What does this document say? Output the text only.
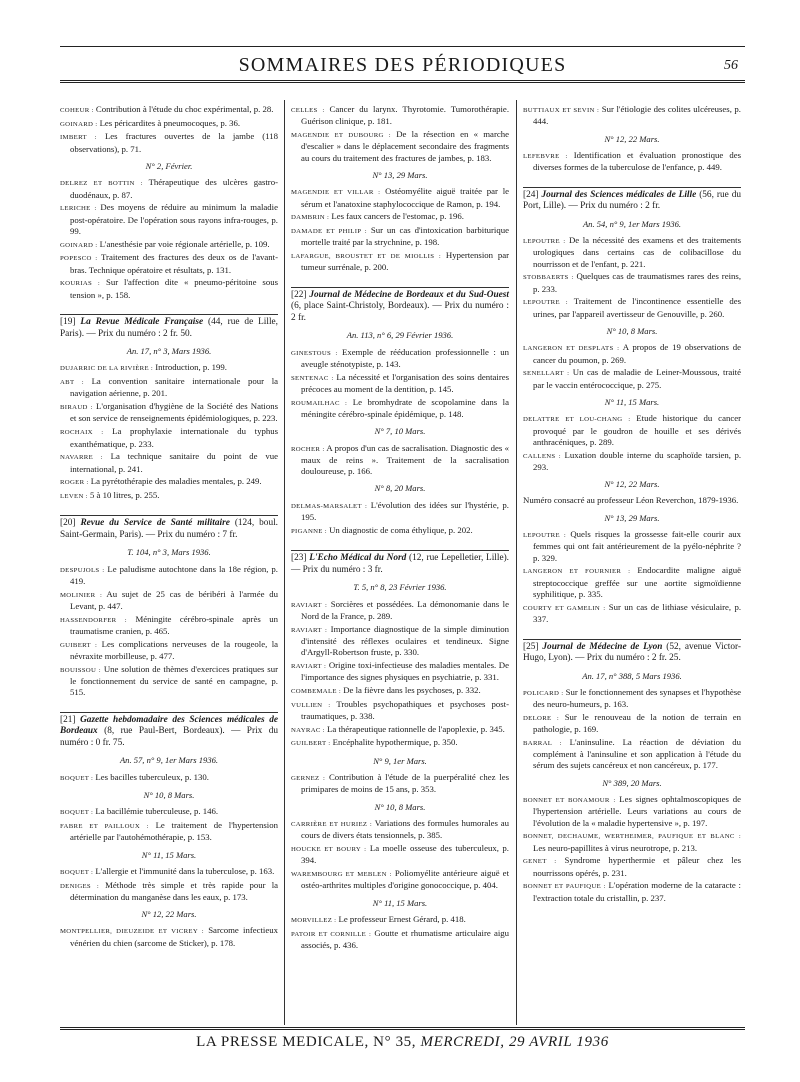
SOMMAIRES DES PÉRIODIQUES	56

COHEUR : Contribution à l'étude du choc expérimental, p. 28.

GOINARD : Les péricardites à pneumocoques, p. 36.

IMBERT : Les fractures ouvertes de la jambe (118 observations), p. 71.

N° 2, Février.

DELREZ ET BOTTIN : Thérapeutique des ulcères gastro-duodénaux, p. 87.

LERICHE : Des moyens de réduire au minimum la maladie post-opératoire. De l'opération sous rayons infra-rouges, p. 99.

GOINARD : L'anesthésie par voie régionale artérielle, p. 109.

POPESCO : Traitement des fractures des deux os de l'avant-bras. Technique opératoire et résultats, p. 131.

KOURIAS : Sur l'affection dite « pneumo-péritoine sous tension », p. 158.

[19] La Revue Médicale Française (44, rue de Lille, Paris). — Prix du numéro : 2 fr. 50.
An. 17, n° 3, Mars 1936.

DUJARRIC DE LA RIVIÈRE : Introduction, p. 199.

ABT : La convention sanitaire internationale pour la navigation aérienne, p. 201.

BIRAUD : L'organisation d'hygiène de la Société des Nations et son service de renseignements épidémiologiques, p. 223.

ROCHAIX : La prophylaxie internationale du typhus exanthématique, p. 233.

NAVARRE : La technique sanitaire du point de vue international, p. 241.

ROGER : La pyrétothérapie des maladies mentales, p. 249.

LEVEN : 5 à 10 litres, p. 255.

[20] Revue du Service de Santé militaire (124, boul. Saint-Germain, Paris). — Prix du numéro : 7 fr.
T. 104, n° 3, Mars 1936.

DESPUJOLS : Le paludisme autochtone dans la 18e région, p. 419.

MOLINIER : Au sujet de 25 cas de béribéri à l'armée du Levant, p. 447.

HASSENDORFER : Méningite cérébro-spinale après un traumatisme cranien, p. 465.

GUIBERT : Les complications nerveuses de la rougeole, la névraxite morbilleuse, p. 477.

BOUISSOU : Une solution de thèmes d'exercices pratiques sur le fonctionnement du service de santé en campagne, p. 515.

[21] Gazette hebdomadaire des Sciences médicales de Bordeaux (8, rue Paul-Bert, Bordeaux). — Prix du numéro : 0 fr. 75.
An. 57, n° 9, 1er Mars 1936.

BOQUET : Les bacilles tuberculeux, p. 130.

N° 10, 8 Mars.

BOQUET : La bacillémie tuberculeuse, p. 146.

FABRE ET PAILLOUX : Le traitement de l'hypertension artérielle par l'autohémothérapie, p. 153.

N° 11, 15 Mars.

BOQUET : L'allergie et l'immunité dans la tuberculose, p. 163.

DENIGES : Méthode très simple et très rapide pour la détermination du manganèse dans les eaux, p. 173.

N° 12, 22 Mars.

MONTPELLIER, DIEUZEIDE ET VICREY : Sarcome infectieux vénérien du chien (sarcome de Sticker), p. 178.

CELLES : Cancer du larynx. Thyrotomie. Tumorothérapie. Guérison clinique, p. 181.

MAGENDIE ET DUBOURG : De la résection en « marche d'escalier » dans le déplacement secondaire des fragments au cours du traitement des fractures de jambes, p. 183.

N° 13, 29 Mars.

MAGENDIE ET VILLAR : Ostéomyélite aiguë traitée par le sérum et l'anatoxine staphylococcique de Ramon, p. 194.

DAMBRIN : Les faux cancers de l'estomac, p. 196.

DAMADE ET PHILIP : Sur un cas d'intoxication barbiturique mortelle traité par la strychnine, p. 198.

LAFARGUE, BROUSTET ET DE MIOLLIS : Hypertension par tumeur surrénale, p. 200.

[22] Journal de Médecine de Bordeaux et du Sud-Ouest (6, place Saint-Christoly, Bordeaux). — Prix du numéro : 2 fr.
An. 113, n° 6, 29 Février 1936.

GINESTOUS : Exemple de rééducation professionnelle : un aveugle sténotypiste, p. 143.

SENTENAC : La nécessité et l'organisation des soins dentaires précoces au moment de la dentition, p. 145.

ROUMAILHAC : Le bromhydrate de scopolamine dans la méningite cérébro-spinale épidémique, p. 148.

N° 7, 10 Mars.

ROCHER : A propos d'un cas de sacralisation. Diagnostic des « maux de reins ». Traitement de la sacralisation douloureuse, p. 166.

N° 8, 20 Mars.

DELMAS-MARSALET : L'évolution des idées sur l'hystérie, p. 195.

PIGANNE : Un diagnostic de coma éthylique, p. 202.

[23] L'Echo Médical du Nord (12, rue Lepelletier, Lille). — Prix du numéro : 3 fr.
T. 5, n° 8, 23 Février 1936.

RAVIART : Sorcières et possédées. La démonomanie dans le Nord de la France, p. 289.

RAVIART : Importance diagnostique de la simple diminution d'intensité des réflexes oculaires et tendineux. Signe d'Argyll-Robertson fruste, p. 330.

RAVIART : Origine toxi-infectieuse des maladies mentales. De l'importance des signes physiques en psychiatrie, p. 331.

COMBEMALE : De la fièvre dans les psychoses, p. 332.

VULLIEN : Troubles psychopathiques et psychoses post-traumatiques, p. 338.

NAYRAC : La thérapeutique rationnelle de l'apoplexie, p. 345.

GUILBERT : Encéphalite hypothermique, p. 350.

N° 9, 1er Mars.

GERNEZ : Contribution à l'étude de la puerpéralité chez les primipares de moins de 15 ans, p. 353.

N° 10, 8 Mars.

CARRIÈRE ET HURIEZ : Variations des formules humorales au cours de divers états tensionnels, p. 385.

HOUCKE ET BOURY : La moelle osseuse des tuberculeux, p. 394.

WAREMBOURG ET MEBLEN : Poliomyélite antérieure aiguë et ostéo-arthrites multiples d'origine gonococcique, p. 404.

N° 11, 15 Mars.

MORVILLEZ : Le professeur Ernest Gérard, p. 418.

PATOIR ET CORNILLE : Goutte et rhumatisme articulaire aigu associés, p. 436.

BUTTIAUX ET SEVIN : Sur l'étiologie des colites ulcéreuses, p. 444.

N° 12, 22 Mars.

LEFEBVRE : Identification et évaluation pronostique des diverses formes de la tuberculose de l'enfance, p. 449.

[24] Journal des Sciences médicales de Lille (56, rue du Port, Lille). — Prix du numéro : 2 fr.
An. 54, n° 9, 1er Mars 1936.

LEPOUTRE : De la nécessité des examens et des traitements urologiques dans certains cas de colibacillose du nourrisson et de l'enfant, p. 221.

STOBBAERTS : Quelques cas de traumatismes rares des reins, p. 233.

LEPOUTRE : Traitement de l'incontinence essentielle des urines, par l'appareil avertisseur de Genouville, p. 260.

N° 10, 8 Mars.

LANGERON ET DESPLATS : A propos de 19 observations de cancer du poumon, p. 269.

SENELLART : Un cas de maladie de Leiner-Moussous, traité par le vaccin entérococcique, p. 275.

N° 11, 15 Mars.

DELATTRE ET LOU-CHANG : Etude historique du cancer provoqué par le goudron de houille et ses dérivés anthracéniques, p. 289.

CALLENS : Luxation double interne du scaphoïde tarsien, p. 293.

N° 12, 22 Mars.

Numéro consacré au professeur Léon Reverchon, 1879-1936.

N° 13, 29 Mars.

LEPOUTRE : Quels risques la grossesse fait-elle courir aux femmes qui ont fait antérieurement de la pyélo-néphrite ? p. 329.

LANGERON ET FOURNIER : Endocardite maligne aiguë streptococcique greffée sur une aortite sigmoïdienne syphilitique, p. 335.

COURTY ET GAMELIN : Sur un cas de lithiase vésiculaire, p. 337.

[25] Journal de Médecine de Lyon (52, avenue Victor-Hugo, Lyon). — Prix du numéro : 2 fr. 25.
An. 17, n° 388, 5 Mars 1936.

POLICARD : Sur le fonctionnement des synapses et l'hypothèse des neuro-humeurs, p. 163.

DELORE : Sur le renouveau de la notion de terrain en pathologie, p. 169.

BARRAL : L'aninsuline. La réaction de déviation du complément à l'aninsuline et son application à l'étude du sérum des sujets cancéreux et non cancéreux, p. 177.

N° 389, 20 Mars.

BONNET ET BONAMOUR : Les signes ophtalmoscopiques de l'hypertension artérielle. Leurs variations au cours de l'évolution de la « maladie hypertensive », p. 197.

BONNET, DECHAUME, WERTHEIMER, PAUFIQUE ET BLANC : Les neuro-papillites à virus neurotrope, p. 213.

GENET : Syndrome hyperthermie et pâleur chez les nourrissons opérés, p. 231.

BONNET ET PAUFIQUE : L'opération moderne de la cataracte : l'extraction totale du cristallin, p. 237.

LA PRESSE MEDICALE, N° 35, MERCREDI, 29 AVRIL 1936
